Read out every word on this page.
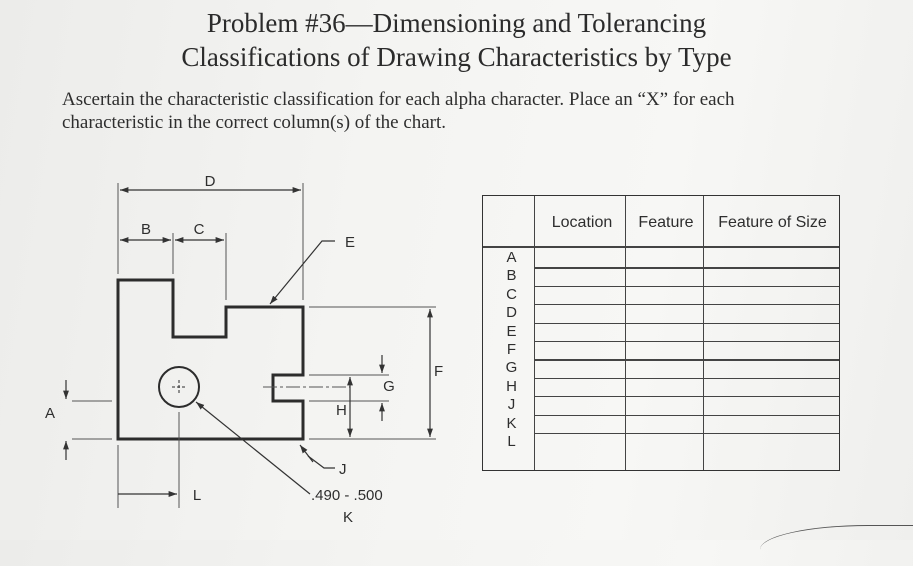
Problem #36—Dimensioning and Tolerancing
Classifications of Drawing Characteristics by Type
Ascertain the characteristic classification for each alpha character. Place an “X” for each
characteristic in the correct column(s) of the chart.
D
B	C
E
F
G
H
A
J
L	.490 - .500
K
Location	Feature	Feature of Size
A
B
C
D
E
F
G
H
J
K
L
